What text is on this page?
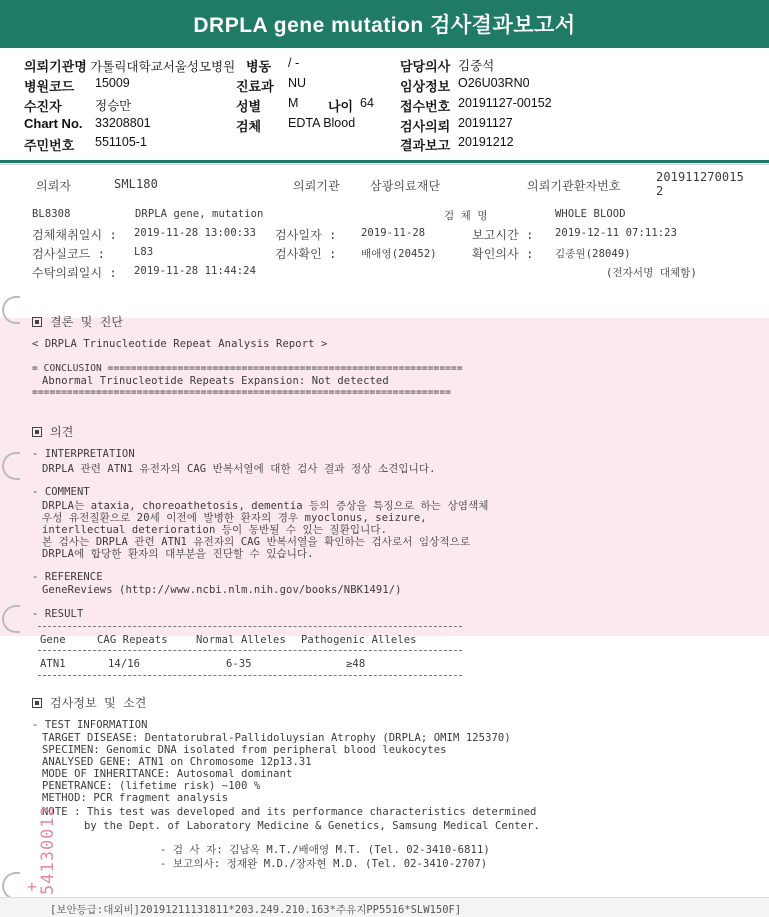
DRPLA gene mutation 검사결과보고서
의뢰기관명 가톨릭대학교서울성모병원 병동 / -	담당의사 김중석
병원코드 15009	진료과 NU	임상정보 O26U03RN0
수진자	정승만	성별 M 나이 64 접수번호 20191127-00152
Chart No. 33208801	검체 EDTA Blood	검사의뢰 20191127
주민번호 551105-1	결과보고 20191212
의뢰자	SML180	의뢰기관	삼광의료재단	의뢰기관환자번호
201911270015
2
BL8308	DRPLA gene, mutation	검 체 명	WHOLE BLOOD
검체채취일시 : 2019-11-28 13:00:33 검사일자 : 2019-11-28	보고시간 : 2019-12-11 07:11:23
검사실코드 :	L83	검사확인 : 배애영(20452)	확인의사 : 김종원(28049)
수탁의뢰일시 : 2019-11-28 11:44:24	(전자서명 대체함)
결론 및 진단
< DRPLA Trinucleotide Repeat Analysis Report >
= CONCLUSION =============================================================
Abnormal Trinucleotide Repeats Expansion: Not detected
========================================================================
의견
- INTERPRETATION
DRPLA 관련 ATN1 유전자의 CAG 반복서열에 대한 검사 결과 정상 소견입니다.
- COMMENT
DRPLA는 ataxia, choreoathetosis, dementia 등의 증상을 특징으로 하는 상염색체
우성 유전질환으로 20세 이전에 발병한 환자의 경우 myoclonus, seizure,
interllectual deterioration 등이 동반될 수 있는 질환입니다.
본 검사는 DRPLA 관련 ATN1 유전자의 CAG 반복서열을 확인하는 검사로서 임상적으로
DRPLA에 합당한 환자의 대부분을 진단할 수 있습니다.
- REFERENCE
GeneReviews (http://www.ncbi.nlm.nih.gov/books/NBK1491/)
- RESULT
Gene	CAG Repeats	Normal Alleles Pathogenic Alleles
ATN1	14/16	6-35	≥48
검사정보 및 소견
- TEST INFORMATION
TARGET DISEASE: Dentatorubral-Pallidoluysian Atrophy (DRPLA; OMIM 125370)
SPECIMEN: Genomic DNA isolated from peripheral blood leukocytes
ANALYSED GENE: ATN1 on Chromosome 12p13.31
MODE OF INHERITANCE: Autosomal dominant
PENETRANCE: (lifetime risk) ~100 %
METHOD: PCR fragment analysis
NOTE : This test was developed and its performance characteristics determined
by the Dept. of Laboratory Medicine & Genetics, Samsung Medical Center.
- 검 사 자: 김남옥 M.T./배애영 M.T. (Tel. 02-3410-6811)
- 보고의사: 정재완 M.D./장자현 M.D. (Tel. 02-3410-2707)
54130012
+
[보안등급:대외비]20191211131811*203.249.210.163*주유지PP5516*SLW150F]
